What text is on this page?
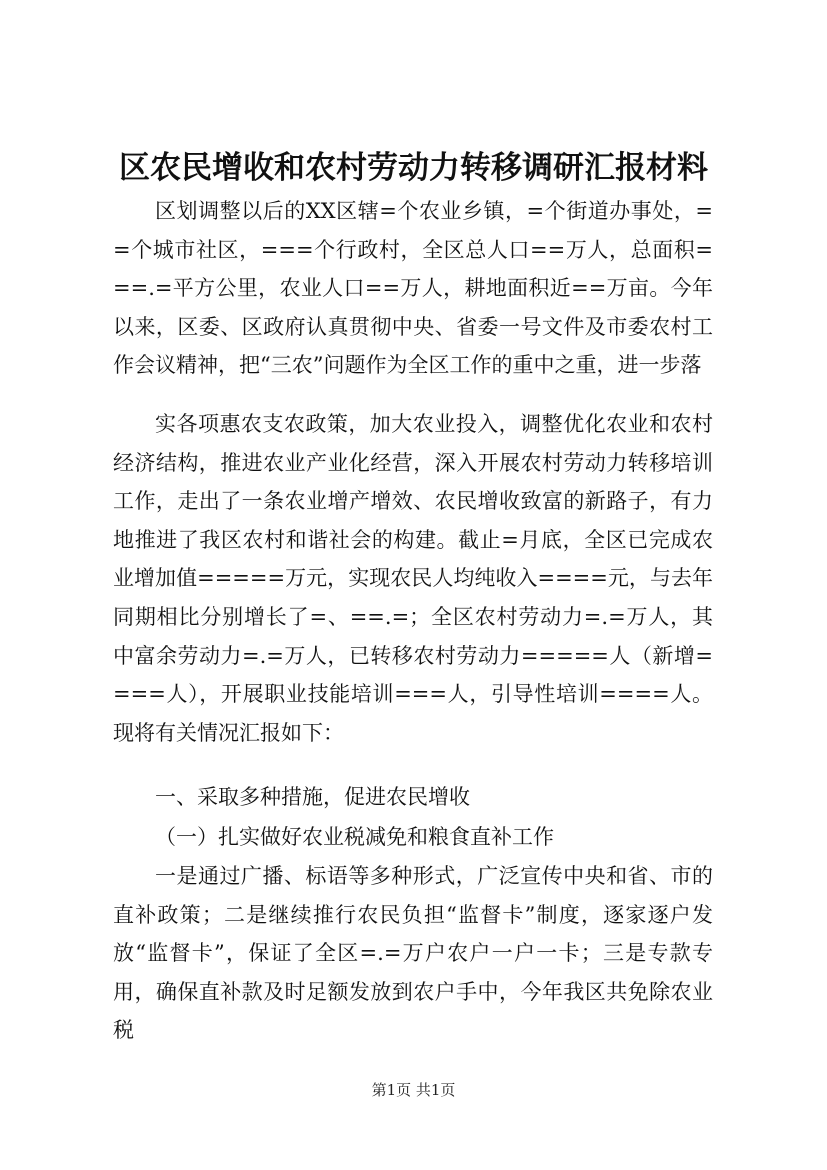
区农民增收和农村劳动力转移调研汇报材料

区划调整以后的XX区辖=个农业乡镇，=个街道办事处，==个城市社区，===个行政村，全区总人口==万人，总面积===.=平方公里，农业人口==万人，耕地面积近==万亩。今年以来，区委、区政府认真贯彻中央、省委一号文件及市委农村工作会议精神，把“三农”问题作为全区工作的重中之重，进一步落

实各项惠农支农政策，加大农业投入，调整优化农业和农村经济结构，推进农业产业化经营，深入开展农村劳动力转移培训工作，走出了一条农业增产增效、农民增收致富的新路子，有力地推进了我区农村和谐社会的构建。截止=月底，全区已完成农业增加值=====万元，实现农民人均纯收入====元，与去年同期相比分别增长了=、==.=；全区农村劳动力=.=万人，其中富余劳动力=.=万人，已转移农村劳动力=====人（新增====人），开展职业技能培训===人，引导性培训====人。现将有关情况汇报如下：

一、采取多种措施，促进农民增收

（一）扎实做好农业税减免和粮食直补工作

一是通过广播、标语等多种形式，广泛宣传中央和省、市的直补政策；二是继续推行农民负担“监督卡”制度，逐家逐户发放“监督卡”，保证了全区=.=万户农户一户一卡；三是专款专用，确保直补款及时足额发放到农户手中，今年我区共免除农业税

第1页 共1页
